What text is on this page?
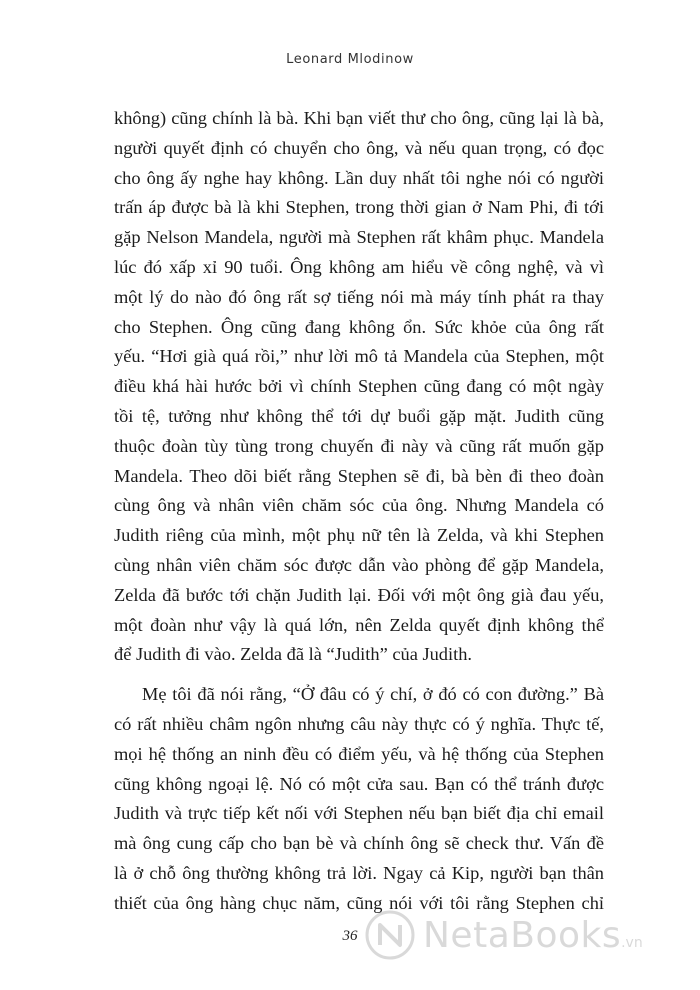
Leonard Mlodinow
không) cũng chính là bà. Khi bạn viết thư cho ông, cũng lại là bà,
người quyết định có chuyển cho ông, và nếu quan trọng, có đọc
cho ông ấy nghe hay không. Lần duy nhất tôi nghe nói có người
trấn áp được bà là khi Stephen, trong thời gian ở Nam Phi, đi tới
gặp Nelson Mandela, người mà Stephen rất khâm phục. Mandela
lúc đó xấp xỉ 90 tuổi. Ông không am hiểu về công nghệ, và vì
một lý do nào đó ông rất sợ tiếng nói mà máy tính phát ra thay
cho Stephen. Ông cũng đang không ổn. Sức khỏe của ông rất
yếu. “Hơi già quá rồi,” như lời mô tả Mandela của Stephen, một
điều khá hài hước bởi vì chính Stephen cũng đang có một ngày
tồi tệ, tưởng như không thể tới dự buổi gặp mặt. Judith cũng
thuộc đoàn tùy tùng trong chuyến đi này và cũng rất muốn gặp
Mandela. Theo dõi biết rằng Stephen sẽ đi, bà bèn đi theo đoàn
cùng ông và nhân viên chăm sóc của ông. Nhưng Mandela có
Judith riêng của mình, một phụ nữ tên là Zelda, và khi Stephen
cùng nhân viên chăm sóc được dẫn vào phòng để gặp Mandela,
Zelda đã bước tới chặn Judith lại. Đối với một ông già đau yếu,
một đoàn như vậy là quá lớn, nên Zelda quyết định không thể
để Judith đi vào. Zelda đã là “Judith” của Judith.
Mẹ tôi đã nói rằng, “Ở đâu có ý chí, ở đó có con đường.” Bà
có rất nhiều châm ngôn nhưng câu này thực có ý nghĩa. Thực tế,
mọi hệ thống an ninh đều có điểm yếu, và hệ thống của Stephen
cũng không ngoại lệ. Nó có một cửa sau. Bạn có thể tránh được
Judith và trực tiếp kết nối với Stephen nếu bạn biết địa chỉ email
mà ông cung cấp cho bạn bè và chính ông sẽ check thư. Vấn đề
là ở chỗ ông thường không trả lời. Ngay cả Kip, người bạn thân
thiết của ông hàng chục năm, cũng nói với tôi rằng Stephen chỉ
36	NetaBooks .vn
